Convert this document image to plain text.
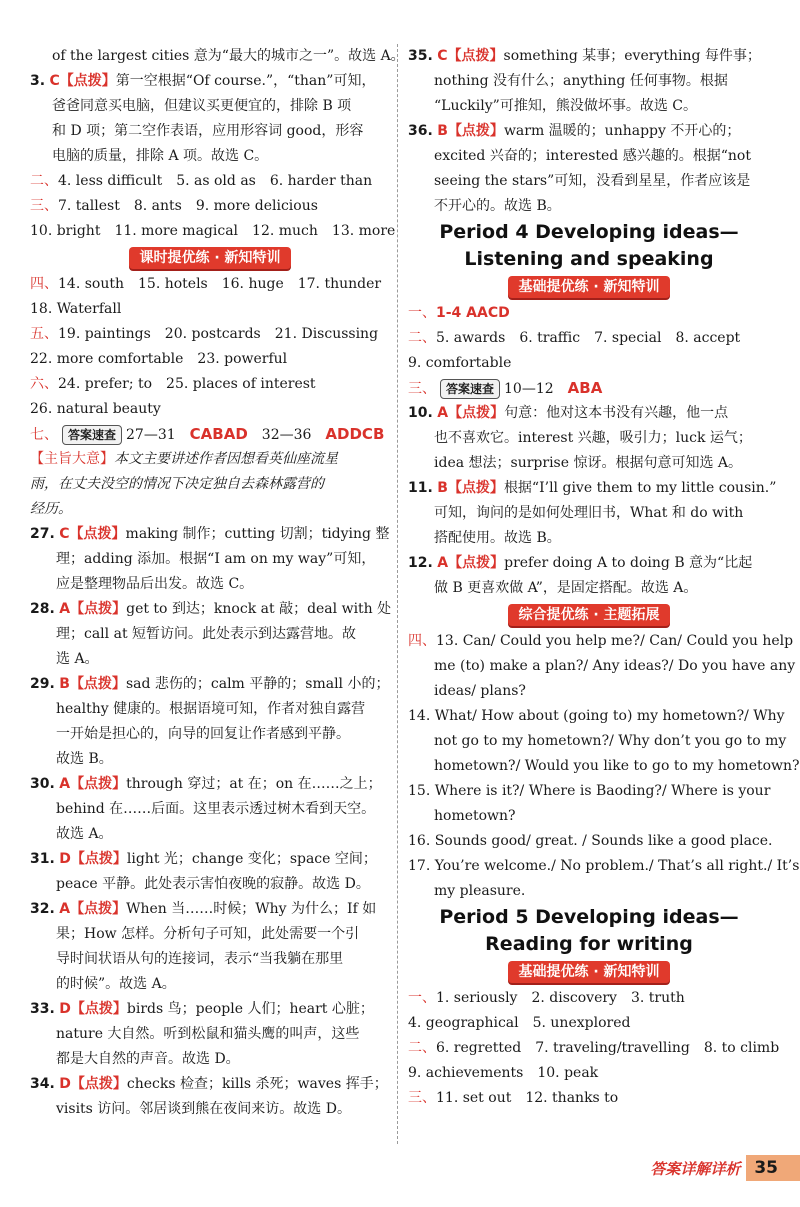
of the largest cities 意为“最大的城市之一”。故选 A。
3. C【点拨】第一空根据“Of course.”，“than”可知，
爸爸同意买电脑，但建议买更便宜的，排除 B 项
和 D 项；第二空作表语，应用形容词 good，形容
电脑的质量，排除 A 项。故选 C。
二、4. less difficult 5. as old as 6. harder than
三、7. tallest 8. ants 9. more delicious
10. bright 11. more magical 12. much 13. more
课时提优练 · 新知特训
四、14. south 15. hotels 16. huge 17. thunder
18. Waterfall
五、19. paintings 20. postcards 21. Discussing
22. more comfortable 23. powerful
六、24. prefer; to 25. places of interest
26. natural beauty
七、 答案速查 27—31 CABAD 32—36 ADDCB
【主旨大意】本文主要讲述作者因想看英仙座流星
雨，在丈夫没空的情况下决定独自去森林露营的
经历。
27. C【点拨】making 制作；cutting 切割；tidying 整
理；adding 添加。根据“I am on my way”可知，
应是整理物品后出发。故选 C。
28. A【点拨】get to 到达；knock at 敲；deal with 处
理；call at 短暂访问。此处表示到达露营地。故
选 A。
29. B【点拨】sad 悲伤的；calm 平静的；small 小的；
healthy 健康的。根据语境可知，作者对独自露营
一开始是担心的，向导的回复让作者感到平静。
故选 B。
30. A【点拨】through 穿过；at 在；on 在……之上；
behind 在……后面。这里表示透过树木看到天空。
故选 A。
31. D【点拨】light 光；change 变化；space 空间；
peace 平静。此处表示害怕夜晚的寂静。故选 D。
32. A【点拨】When 当……时候；Why 为什么；If 如
果；How 怎样。分析句子可知，此处需要一个引
导时间状语从句的连接词，表示“当我躺在那里
的时候”。故选 A。
33. D【点拨】birds 鸟；people 人们；heart 心脏；
nature 大自然。听到松鼠和猫头鹰的叫声，这些
都是大自然的声音。故选 D。
34. D【点拨】checks 检查；kills 杀死；waves 挥手；
visits 访问。邻居谈到熊在夜间来访。故选 D。
35. C【点拨】something 某事；everything 每件事；
nothing 没有什么；anything 任何事物。根据
“Luckily”可推知，熊没做坏事。故选 C。
36. B【点拨】warm 温暖的；unhappy 不开心的；
excited 兴奋的；interested 感兴趣的。根据“not
seeing the stars”可知，没看到星星，作者应该是
不开心的。故选 B。
Period 4 Developing ideas—
Listening and speaking
基础提优练 · 新知特训
一、1-4 AACD
二、5. awards 6. traffic 7. special 8. accept
9. comfortable
三、 答案速查 10—12 ABA
10. A【点拨】句意：他对这本书没有兴趣，他一点
也不喜欢它。interest 兴趣，吸引力；luck 运气；
idea 想法；surprise 惊讶。根据句意可知选 A。
11. B【点拨】根据“I’ll give them to my little cousin.”
可知，询问的是如何处理旧书，What 和 do with
搭配使用。故选 B。
12. A【点拨】prefer doing A to doing B 意为“比起
做 B 更喜欢做 A”，是固定搭配。故选 A。
综合提优练 · 主题拓展
四、13. Can/ Could you help me?/ Can/ Could you help
me (to) make a plan?/ Any ideas?/ Do you have any
ideas/ plans?
14. What/ How about (going to) my hometown?/ Why
not go to my hometown?/ Why don’t you go to my
hometown?/ Would you like to go to my hometown?
15. Where is it?/ Where is Baoding?/ Where is your
hometown?
16. Sounds good/ great. / Sounds like a good place.
17. You’re welcome./ No problem./ That’s all right./ It’s
my pleasure.
Period 5 Developing ideas—
Reading for writing
基础提优练 · 新知特训
一、1. seriously 2. discovery 3. truth
4. geographical 5. unexplored
二、6. regretted 7. traveling/travelling 8. to climb
9. achievements 10. peak
三、11. set out 12. thanks to
答案详解详析 35
